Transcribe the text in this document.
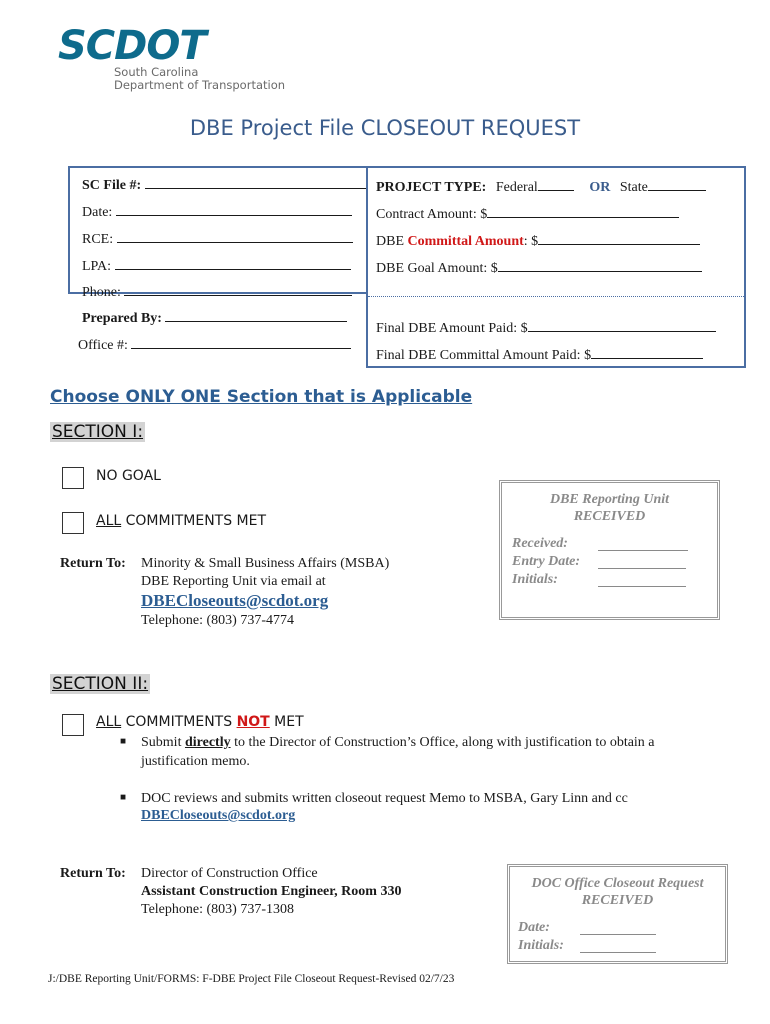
SCDOT
South Carolina
Department of Transportation
DBE Project File CLOSEOUT REQUEST
SC File #:
Date:
RCE:
LPA:
Phone:
Prepared By:
Office #:
PROJECT TYPE: Federal	OR State
Contract Amount: $
DBE Committal Amount: $
DBE Goal Amount: $
Final DBE Amount Paid: $
Final DBE Committal Amount Paid: $
Choose ONLY ONE Section that is Applicable
SECTION I:
NO GOAL
ALL COMMITMENTS MET
Return To: Minority & Small Business Affairs (MSBA)
DBE Reporting Unit via email at
DBECloseouts@scdot.org
Telephone: (803) 737-4774
DBE Reporting Unit
RECEIVED
Received:
Entry Date:
Initials:
SECTION II:
ALL COMMITMENTS NOT MET
■ Submit directly to the Director of Construction’s Office, along with justification to obtain a
justification memo.
■ DOC reviews and submits written closeout request Memo to MSBA, Gary Linn and cc
DBECloseouts@scdot.org
Return To: Director of Construction Office
Assistant Construction Engineer, Room 330
Telephone: (803) 737-1308
DOC Office Closeout Request
RECEIVED
Date:
Initials:
J:/DBE Reporting Unit/FORMS: F-DBE Project File Closeout Request-Revised 02/7/23
